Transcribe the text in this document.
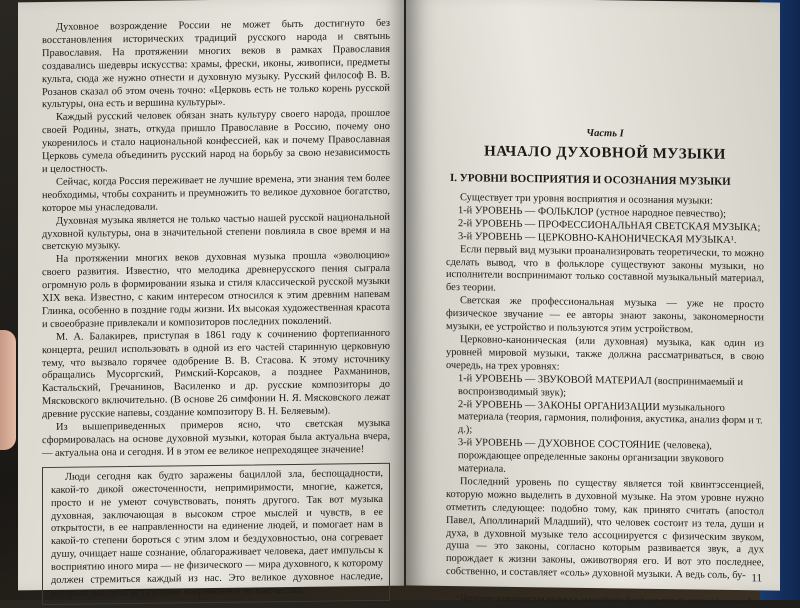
Духовное возрождение России не может быть достигнуто без восстановления исторических традиций русского народа и святынь Православия. На протяжении многих веков в рамках Православия создавались шедевры искусства: храмы, фрески, иконы, живописи, предметы культа, сюда же нужно отнести и духовную музыку. Русский философ В. В. Розанов сказал об этом очень точно: «Церковь есть не только корень русской культуры, она есть и вершина культуры».

Каждый русский человек обязан знать культуру своего народа, прошлое своей Родины, знать, откуда пришло Православие в Россию, почему оно укоренилось и стало национальной конфессией, как и почему Православная Церковь сумела объединить русский народ на борьбу за свою независимость и целостность.

Сейчас, когда Россия переживает не лучшие времена, эти знания тем более необходимы, чтобы сохранить и преумножить то великое духовное богатство, которое мы унаследовали.

Духовная музыка является не только частью нашей русской национальной духовной культуры, она в значительной степени повлияла в свое время и на светскую музыку.

На протяжении многих веков духовная музыка прошла «эволюцию» своего развития. Известно, что мелодика древнерусского пения сыграла огромную роль в формировании языка и стиля классической русской музыки XIX века. Известно, с каким интересом относился к этим древним напевам Глинка, особенно в поздние годы жизни. Их высокая художественная красота и своеобразие привлекали и композиторов последних поколений.

М. А. Балакирев, приступая в 1861 году к сочинению фортепианного концерта, решил использовать в одной из его частей старинную церковную тему, что вызвало горячее одобрение В. В. Стасова. К этому источнику обращались Мусоргский, Римский-Корсаков, а позднее Рахманинов, Кастальский, Гречанинов, Василенко и др. русские композиторы до Мясковского включительно. (В основе 26 симфонии Н. Я. Мясковского лежат древние русские напевы, создание композитору В. Н. Беляевым).

Из вышеприведенных примеров ясно, что светская музыка сформировалась на основе духовной музыки, которая была актуальна вчера,— актуальна она и сегодня. И в этом ее великое непреходящее значение!

Люди сегодня как будто заражены бациллой зла, беспощадности, какой-то дикой ожесточенности, непримиримости, многие, кажется, просто и не умеют сочувствовать, понять другого. Так вот музыка духовная, заключающая в высоком строе мыслей и чувств, в ее открытости, в ее направленности на единение людей, и помогает нам в какой-то степени бороться с этим злом и бездуховностью, она согревает душу, очищает наше сознание, облагораживает человека, дает импульсы к восприятию иного мира — не физического — мира духовного, к которому должен стремиться каждый из нас. Это великое духовное наследие, которым располагает сегодня современное человечество.

Часть I
НАЧАЛО ДУХОВНОЙ МУЗЫКИ
I. УРОВНИ ВОСПРИЯТИЯ И ОСОЗНАНИЯ МУЗЫКИ

Существует три уровня восприятия и осознания музыки:

1-й УРОВЕНЬ — ФОЛЬКЛОР (устное народное певчество);
2-й УРОВЕНЬ — ПРОФЕССИОНАЛЬНАЯ СВЕТСКАЯ МУЗЫКА;
3-й УРОВЕНЬ — ЦЕРКОВНО-КАНОНИЧЕСКАЯ МУЗЫКА¹.

Если первый вид музыки проанализировать теоретически, то можно сделать вывод, что в фольклоре существуют законы музыки, но исполнители воспринимают только составной музыкальный материал, без теории.

Светская же профессиональная музыка — уже не просто физическое звучание — ее авторы знают законы, закономерности музыки, ее устройство и пользуются этим устройством.

Церковно-каноническая (или духовная) музыка, как один из уровней мировой музыки, также должна рассматриваться, в свою очередь, на трех уровнях:

1-й УРОВЕНЬ — ЗВУКОВОЙ МАТЕРИАЛ (воспринимаемый и воспроизводимый звук);
2-й УРОВЕНЬ — ЗАКОНЫ ОРГАНИЗАЦИИ музыкального материала (теория, гармония, полифония, акустика, анализ форм и т. д.);
3-й УРОВЕНЬ — ДУХОВНОЕ СОСТОЯНИЕ (человека), порождающее определенные законы организации звукового материала.

Последний уровень по существу является той квинтэссенцией, которую можно выделить в духовной музыке. На этом уровне нужно отметить следующее: подобно тому, как принято считать (апостол Павел, Аполлинарий Младший), что человек состоит из тела, души и духа, в духовной музыке тело ассоциируется с физическим звуком, душа — это законы, согласно которым развивается звук, а дух порождает к жизни законы, оживотворяя его. И вот это последнее, собственно, и составляет «соль» духовной музыки. А ведь соль, бу-

¹ Церковно-каноническая музыка в дальнейшем будет называться духовной музыкой.

11
